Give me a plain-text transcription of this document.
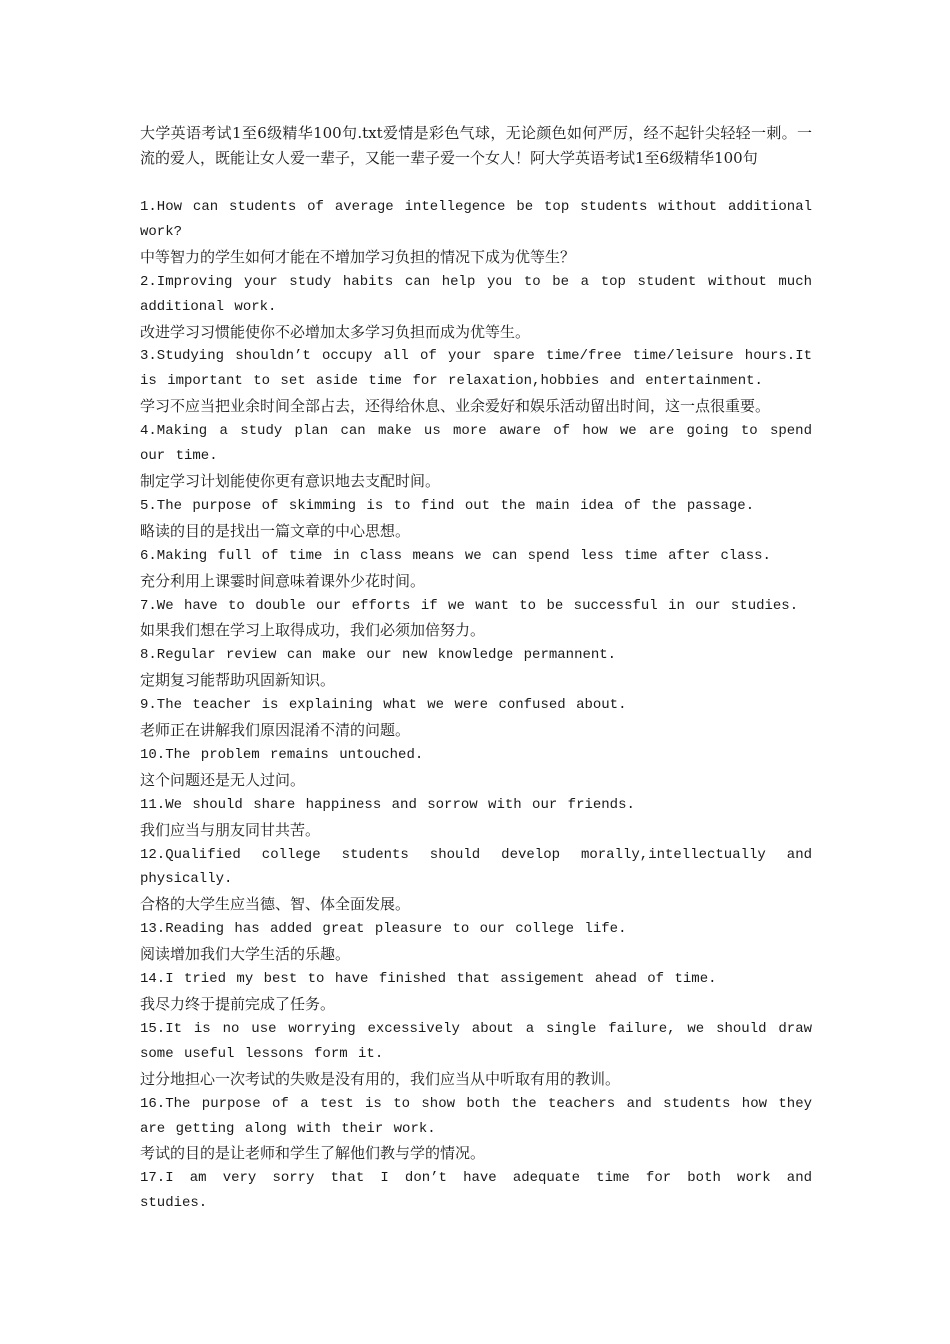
大学英语考试1至6级精华100句.txt爱情是彩色气球，无论颜色如何严厉，经不起针尖轻轻一刺。一流的爱人，既能让女人爱一辈子，又能一辈子爱一个女人！阿大学英语考试1至6级精华100句

1.How can students of average intellegence be top students without additional work?

中等智力的学生如何才能在不增加学习负担的情况下成为优等生？

2.Improving your study habits can help you to be a top student without much additional work.

改进学习习惯能使你不必增加太多学习负担而成为优等生。

3.Studying shouldn’t occupy all of your spare time/free time/leisure hours.It is important to set aside time for relaxation,hobbies and entertainment.

学习不应当把业余时间全部占去，还得给休息、业余爱好和娱乐活动留出时间，这一点很重要。

4.Making a study plan can make us more aware of how we are going to spend our time.

制定学习计划能使你更有意识地去支配时间。

5.The purpose of skimming is to find out the main idea of the passage.

略读的目的是找出一篇文章的中心思想。

6.Making full of time in class means we can spend less time after class.

充分利用上课霎时间意味着课外少花时间。

7.We have to double our efforts if we want to be successful in our studies.

如果我们想在学习上取得成功，我们必须加倍努力。

8.Regular review can make our new knowledge permannent.

定期复习能帮助巩固新知识。

9.The teacher is explaining what we were confused about.

老师正在讲解我们原因混淆不清的问题。

10.The problem remains untouched.

这个问题还是无人过问。

11.We should share happiness and sorrow with our friends.

我们应当与朋友同甘共苦。

12.Qualified college students should develop morally,intellectually and physically.

合格的大学生应当德、智、体全面发展。

13.Reading has added great pleasure to our college life.

阅读增加我们大学生活的乐趣。

14.I tried my best to have finished that assigement ahead of time.

我尽力终于提前完成了任务。

15.It is no use worrying excessively about a single failure, we should draw some useful lessons form it.

过分地担心一次考试的失败是没有用的，我们应当从中听取有用的教训。

16.The purpose of a test is to show both the teachers and students how they are getting along with their work.

考试的目的是让老师和学生了解他们教与学的情况。

17.I am very sorry that I don’t have adequate time for both work and studies.
